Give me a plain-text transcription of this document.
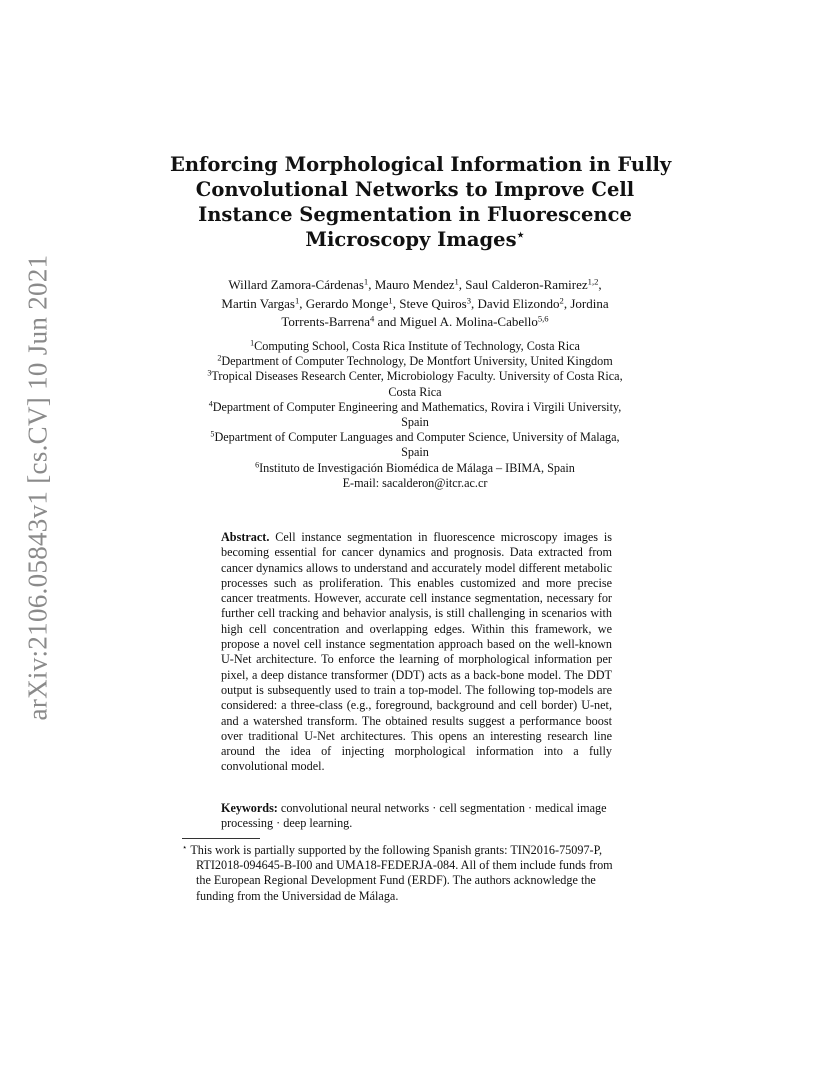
arXiv:2106.05843v1 [cs.CV] 10 Jun 2021
Enforcing Morphological Information in Fully
Convolutional Networks to Improve Cell
Instance Segmentation in Fluorescence
Microscopy Images⋆
Willard Zamora-Cárdenas$^1$, Mauro Mendez$^1$, Saul Calderon-Ramirez$^{1,2}$,
Martin Vargas$^1$, Gerardo Monge$^1$, Steve Quiros$^3$, David Elizondo$^2$, Jordina
Torrents-Barrena$^4$ and Miguel A. Molina-Cabello$^{5,6}$
$^1$Computing School, Costa Rica Institute of Technology, Costa Rica
$^2$Department of Computer Technology, De Montfort University, United Kingdom
$^3$Tropical Diseases Research Center, Microbiology Faculty. University of Costa Rica,
Costa Rica
$^4$Department of Computer Engineering and Mathematics, Rovira i Virgili University,
Spain
$^5$Department of Computer Languages and Computer Science, University of Malaga,
Spain
$^6$Instituto de Investigación Biomédica de Málaga – IBIMA, Spain
E-mail: sacalderon@itcr.ac.cr

Abstract. Cell instance segmentation in fluorescence microscopy images is becoming essential for cancer dynamics and prognosis. Data extracted from cancer dynamics allows to understand and accurately model different metabolic processes such as proliferation. This enables customized and more precise cancer treatments. However, accurate cell instance segmentation, necessary for further cell tracking and behavior analysis, is still challenging in scenarios with high cell concentration and overlapping edges. Within this framework, we propose a novel cell instance segmentation approach based on the well-known U-Net architecture. To enforce the learning of morphological information per pixel, a deep distance transformer (DDT) acts as a back-bone model. The DDT output is subsequently used to train a top-model. The following top-models are considered: a three-class (e.g., foreground, background and cell border) U-net, and a watershed transform. The obtained results suggest a performance boost over traditional U-Net architectures. This opens an interesting research line around the idea of injecting morphological information into a fully convolutional model.

Keywords: convolutional neural networks · cell segmentation · medical image processing · deep learning.

⋆ This work is partially supported by the following Spanish grants: TIN2016-75097-P,
RTI2018-094645-B-I00 and UMA18-FEDERJA-084. All of them include funds from
the European Regional Development Fund (ERDF). The authors acknowledge the
funding from the Universidad de Málaga.
